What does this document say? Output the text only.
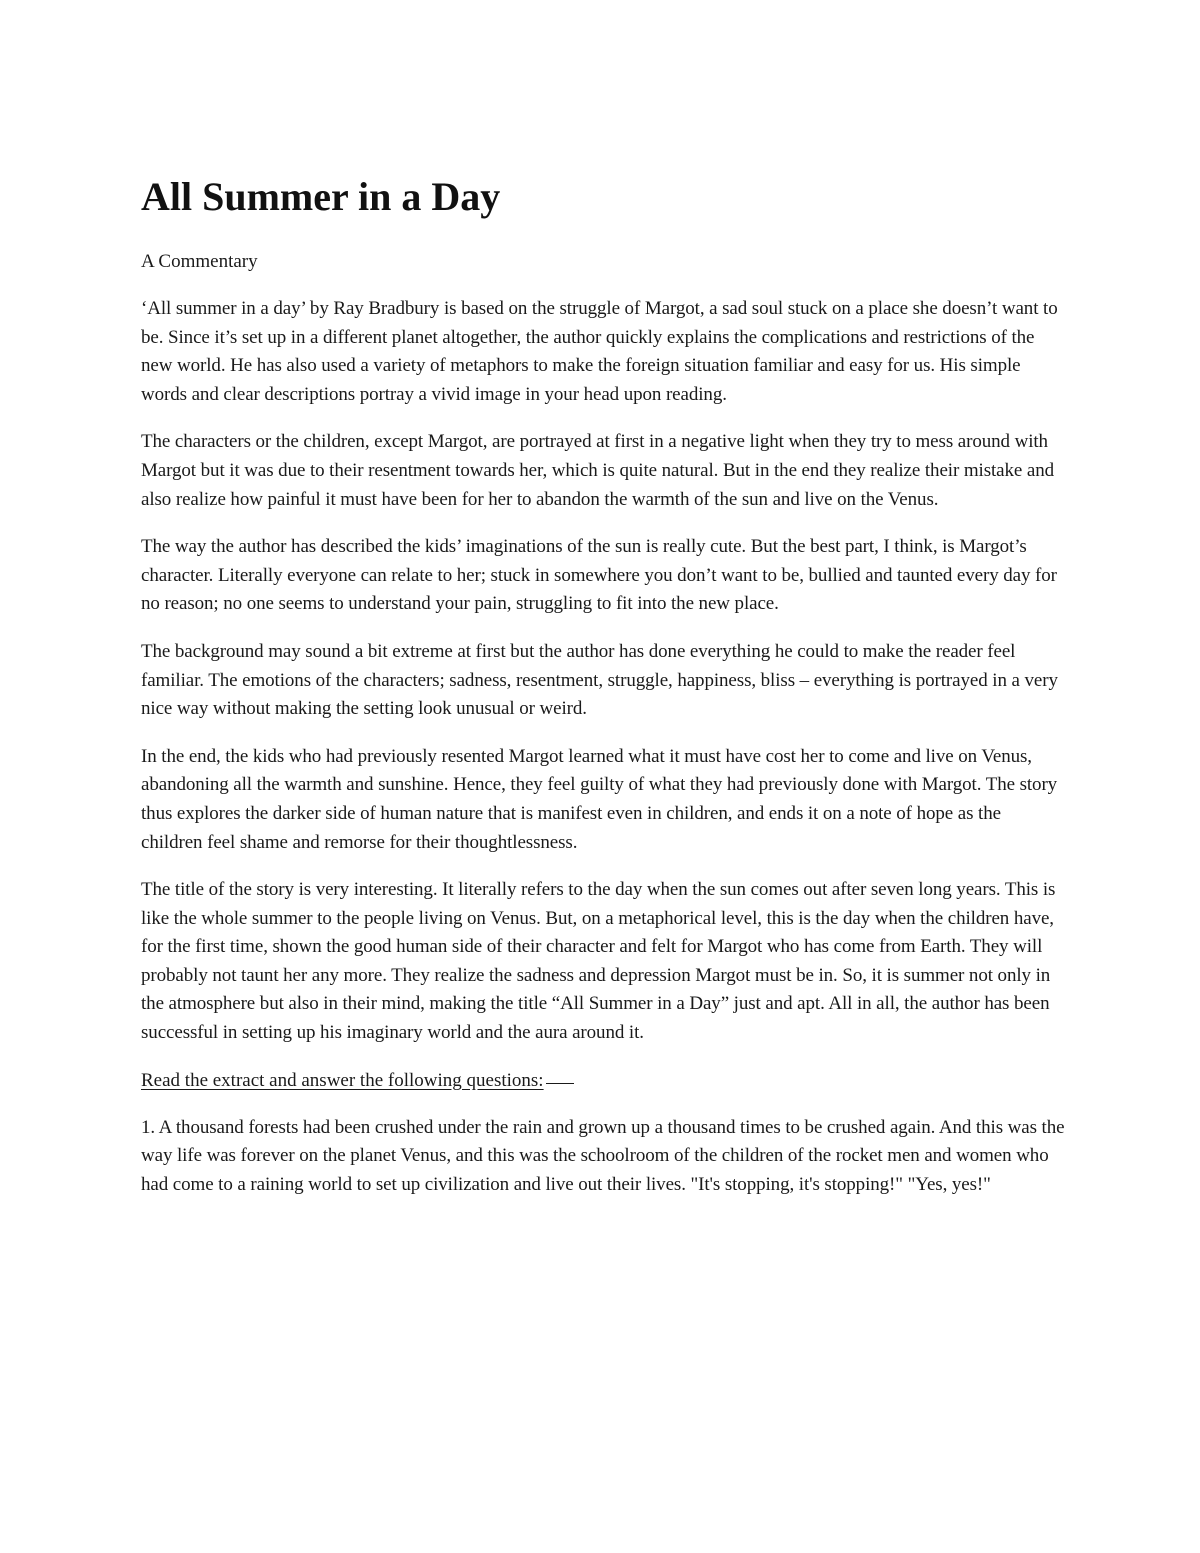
All Summer in a Day

A Commentary

‘All summer in a day’ by Ray Bradbury is based on the struggle of Margot, a sad soul stuck on a place she doesn’t want to be. Since it’s set up in a different planet altogether, the author quickly explains the complications and restrictions of the new world. He has also used a variety of metaphors to make the foreign situation familiar and easy for us. His simple words and clear descriptions portray a vivid image in your head upon reading.

The characters or the children, except Margot, are portrayed at first in a negative light when they try to mess around with Margot but it was due to their resentment towards her, which is quite natural. But in the end they realize their mistake and also realize how painful it must have been for her to abandon the warmth of the sun and live on the Venus.

The way the author has described the kids’ imaginations of the sun is really cute. But the best part, I think, is Margot’s character. Literally everyone can relate to her; stuck in somewhere you don’t want to be, bullied and taunted every day for no reason; no one seems to understand your pain, struggling to fit into the new place.

The background may sound a bit extreme at first but the author has done everything he could to make the reader feel familiar. The emotions of the characters; sadness, resentment, struggle, happiness, bliss – everything is portrayed in a very nice way without making the setting look unusual or weird.

In the end, the kids who had previously resented Margot learned what it must have cost her to come and live on Venus, abandoning all the warmth and sunshine. Hence, they feel guilty of what they had previously done with Margot. The story thus explores the darker side of human nature that is manifest even in children, and ends it on a note of hope as the children feel shame and remorse for their thoughtlessness.

The title of the story is very interesting. It literally refers to the day when the sun comes out after seven long years. This is like the whole summer to the people living on Venus. But, on a metaphorical level, this is the day when the children have, for the first time, shown the good human side of their character and felt for Margot who has come from Earth. They will probably not taunt her any more. They realize the sadness and depression Margot must be in. So, it is summer not only in the atmosphere but also in their mind, making the title “All Summer in a Day” just and apt. All in all, the author has been successful in setting up his imaginary world and the aura around it.

Read the extract and answer the following questions:

1. A thousand forests had been crushed under the rain and grown up a thousand times to be crushed again. And this was the way life was forever on the planet Venus, and this was the schoolroom of the children of the rocket men and women who had come to a raining world to set up civilization and live out their lives. "It's stopping, it's stopping!" "Yes, yes!"
